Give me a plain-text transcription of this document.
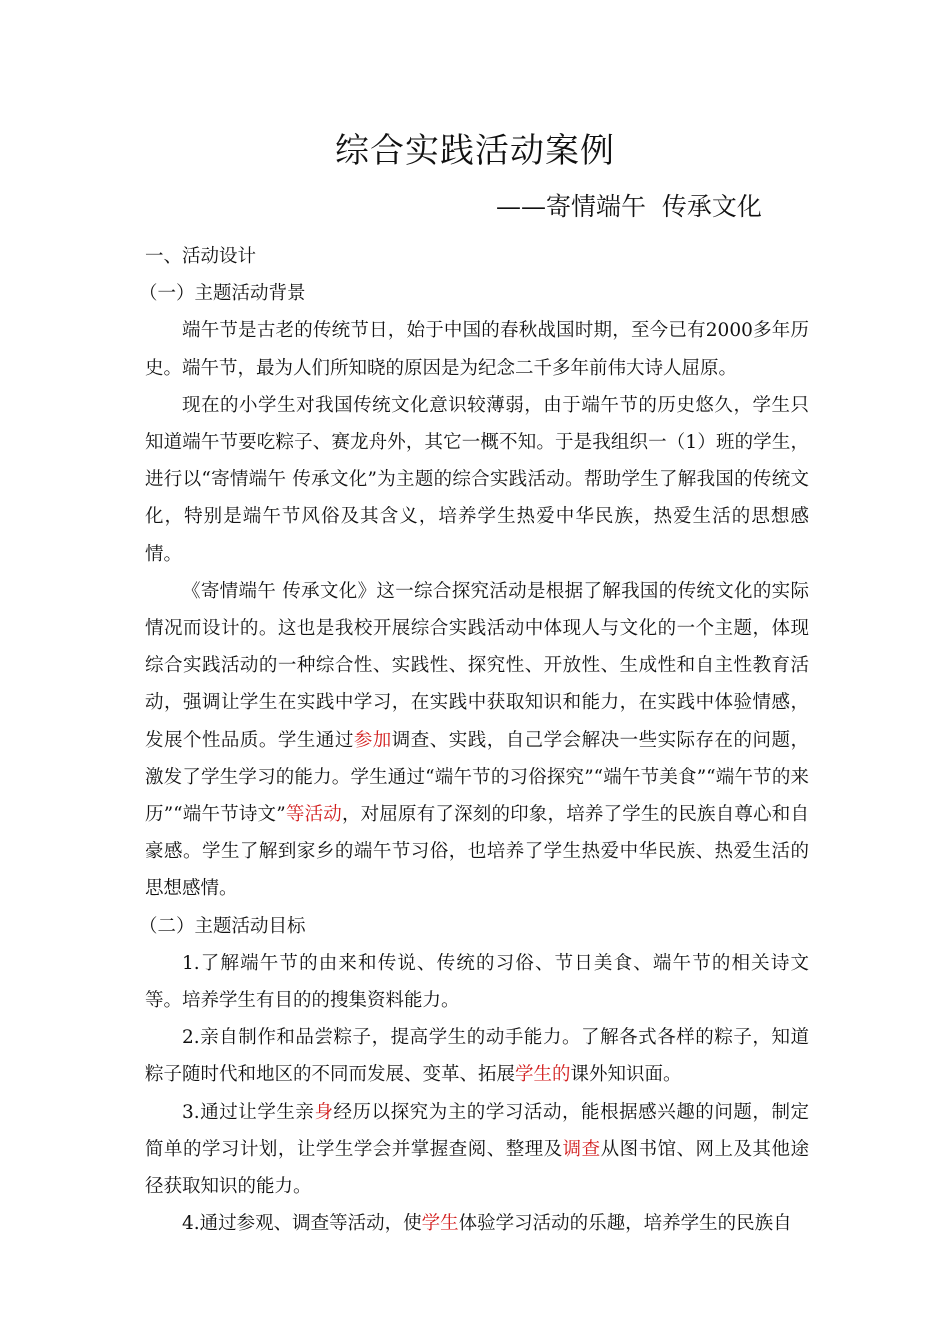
综合实践活动案例
——寄情端午  传承文化

一、活动设计

（一）主题活动背景

端午节是古老的传统节日，始于中国的春秋战国时期，至今已有2000多年历史。端午节，最为人们所知晓的原因是为纪念二千多年前伟大诗人屈原。

现在的小学生对我国传统文化意识较薄弱，由于端午节的历史悠久，学生只知道端午节要吃粽子、赛龙舟外，其它一概不知。于是我组织一（1）班的学生，进行以“寄情端午 传承文化”为主题的综合实践活动。帮助学生了解我国的传统文化，特别是端午节风俗及其含义，培养学生热爱中华民族，热爱生活的思想感情。

《寄情端午 传承文化》这一综合探究活动是根据了解我国的传统文化的实际情况而设计的。这也是我校开展综合实践活动中体现人与文化的一个主题，体现综合实践活动的一种综合性、实践性、探究性、开放性、生成性和自主性教育活动，强调让学生在实践中学习，在实践中获取知识和能力，在实践中体验情感，发展个性品质。学生通过参加调查、实践，自己学会解决一些实际存在的问题，激发了学生学习的能力。学生通过“端午节的习俗探究”“端午节美食”“端午节的来历”“端午节诗文”等活动，对屈原有了深刻的印象，培养了学生的民族自尊心和自豪感。学生了解到家乡的端午节习俗，也培养了学生热爱中华民族、热爱生活的思想感情。

（二）主题活动目标

1.了解端午节的由来和传说、传统的习俗、节日美食、端午节的相关诗文等。培养学生有目的的搜集资料能力。

2.亲自制作和品尝粽子，提高学生的动手能力。了解各式各样的粽子，知道粽子随时代和地区的不同而发展、变革、拓展学生的课外知识面。

3.通过让学生亲身经历以探究为主的学习活动，能根据感兴趣的问题，制定简单的学习计划，让学生学会并掌握查阅、整理及调查从图书馆、网上及其他途径获取知识的能力。

4.通过参观、调查等活动，使学生体验学习活动的乐趣，培养学生的民族自
